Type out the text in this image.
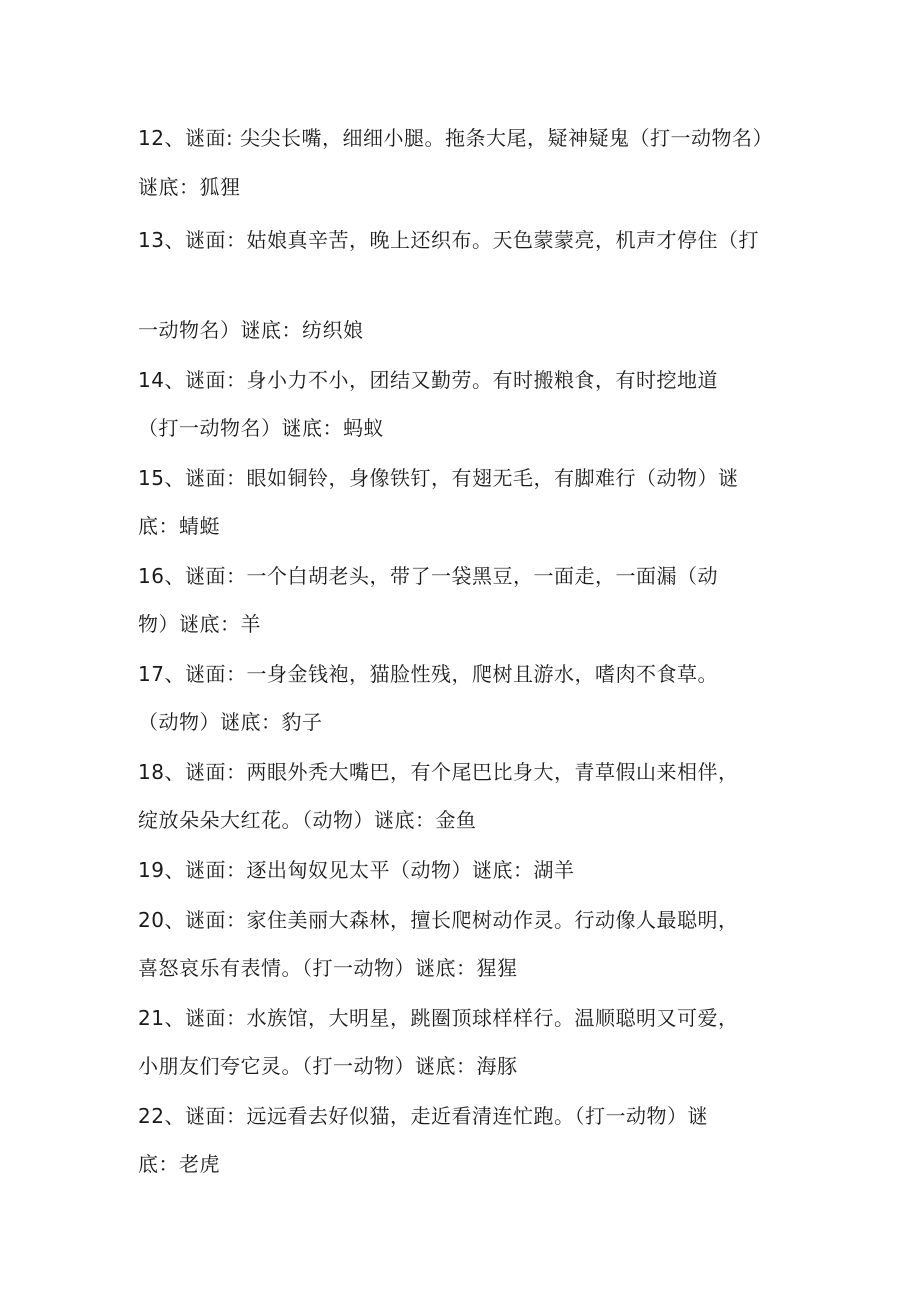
12、谜面: 尖尖长嘴，细细小腿。拖条大尾，疑神疑鬼（打一动物名）
谜底：狐狸
13、谜面：姑娘真辛苦，晚上还织布。天色蒙蒙亮，机声才停住（打
一动物名）谜底：纺织娘
14、谜面：身小力不小，团结又勤劳。有时搬粮食，有时挖地道
（打一动物名）谜底：蚂蚁
15、谜面：眼如铜铃，身像铁钉，有翅无毛，有脚难行（动物）谜
底：蜻蜓
16、谜面：一个白胡老头，带了一袋黑豆，一面走，一面漏（动
物）谜底：羊
17、谜面：一身金钱袍，猫脸性残，爬树且游水，嗜肉不食草。
（动物）谜底：豹子
18、谜面：两眼外秃大嘴巴，有个尾巴比身大，青草假山来相伴，
绽放朵朵大红花。（动物）谜底：金鱼
19、谜面：逐出匈奴见太平（动物）谜底：湖羊
20、谜面：家住美丽大森林，擅长爬树动作灵。行动像人最聪明，
喜怒哀乐有表情。（打一动物）谜底：猩猩
21、谜面：水族馆，大明星，跳圈顶球样样行。温顺聪明又可爱，
小朋友们夸它灵。（打一动物）谜底：海豚
22、谜面：远远看去好似猫，走近看清连忙跑。（打一动物）谜
底：老虎
